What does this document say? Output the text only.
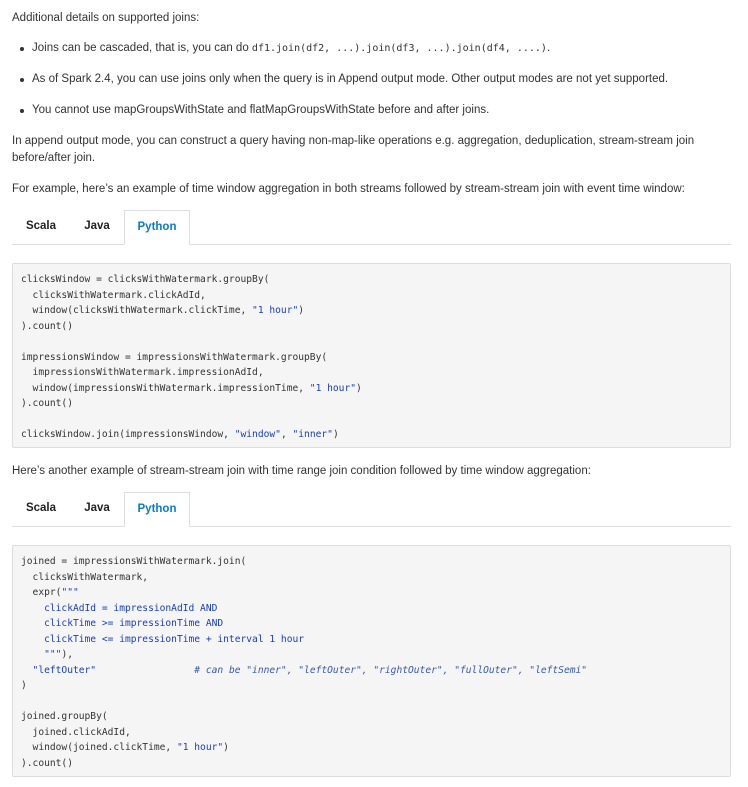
Additional details on supported joins:

Joins can be cascaded, that is, you can do df1.join(df2, ...).join(df3, ...).join(df4, ....).
As of Spark 2.4, you can use joins only when the query is in Append output mode. Other output modes are not yet supported.
You cannot use mapGroupsWithState and flatMapGroupsWithState before and after joins.

In append output mode, you can construct a query having non-map-like operations e.g. aggregation, deduplication, stream-stream join
before/after join.

For example, here’s an example of time window aggregation in both streams followed by stream-stream join with event time window:

Scala	Java	Python
clicksWindow = clicksWithWatermark.groupBy(
clicksWithWatermark.clickAdId,
window(clicksWithWatermark.clickTime, "1 hour")
).count()

impressionsWindow = impressionsWithWatermark.groupBy(
impressionsWithWatermark.impressionAdId,
window(impressionsWithWatermark.impressionTime, "1 hour")
).count()

clicksWindow.join(impressionsWindow, "window", "inner")

Here’s another example of stream-stream join with time range join condition followed by time window aggregation:

Scala	Java	Python
joined = impressionsWithWatermark.join(
clicksWithWatermark,
expr("""
clickAdId = impressionAdId AND
clickTime >= impressionTime AND
clickTime <= impressionTime + interval 1 hour
"""),
"leftOuter"	# can be "inner", "leftOuter", "rightOuter", "fullOuter", "leftSemi"
)

joined.groupBy(
joined.clickAdId,
window(joined.clickTime, "1 hour")
).count()
